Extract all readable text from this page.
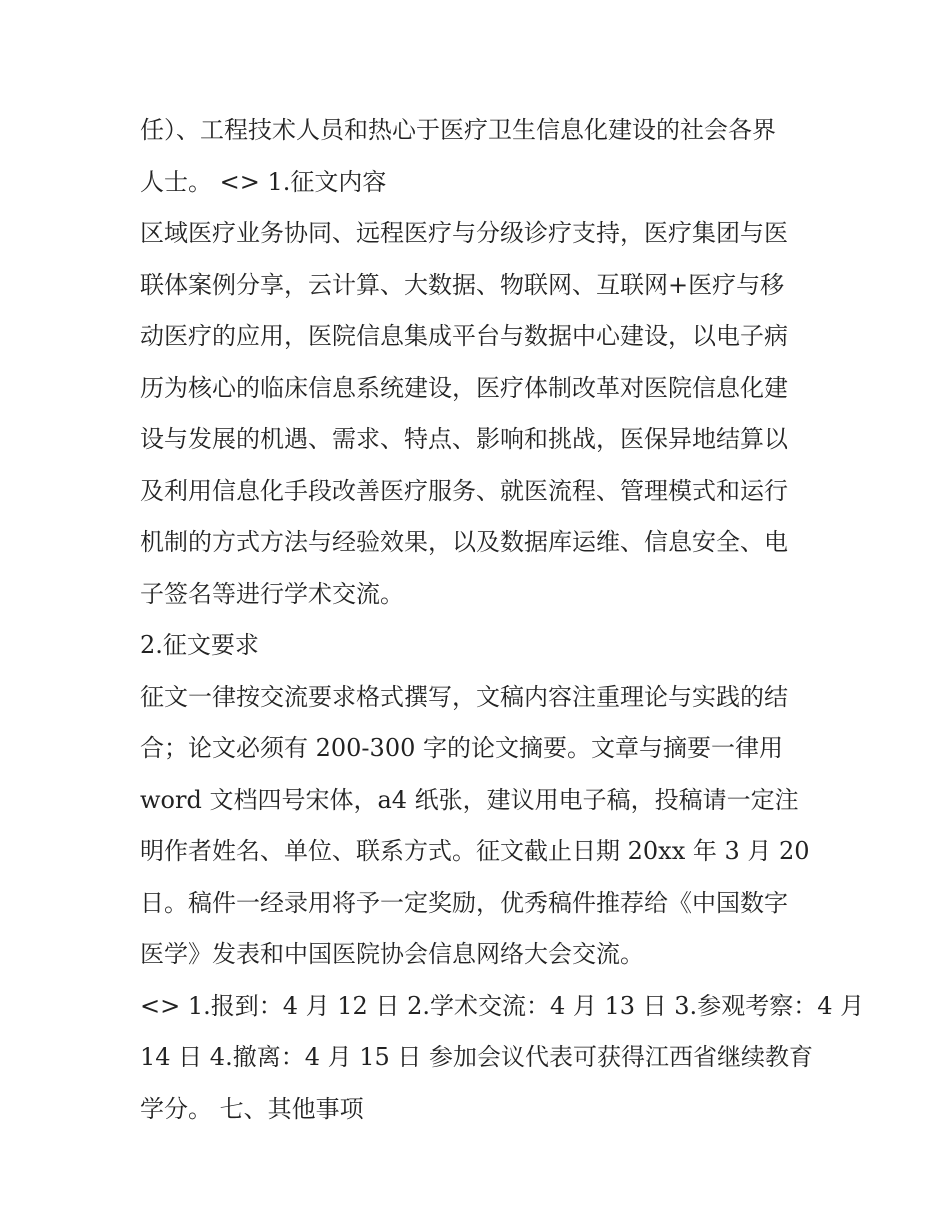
任）、工程技术人员和热心于医疗卫生信息化建设的社会各界
人士。 <> 1.征文内容
区域医疗业务协同、远程医疗与分级诊疗支持，医疗集团与医
联体案例分享，云计算、大数据、物联网、互联网+医疗与移
动医疗的应用，医院信息集成平台与数据中心建设，以电子病
历为核心的临床信息系统建设，医疗体制改革对医院信息化建
设与发展的机遇、需求、特点、影响和挑战，医保异地结算以
及利用信息化手段改善医疗服务、就医流程、管理模式和运行
机制的方式方法与经验效果，以及数据库运维、信息安全、电
子签名等进行学术交流。
2.征文要求
征文一律按交流要求格式撰写，文稿内容注重理论与实践的结
合；论文必须有 200-300 字的论文摘要。文章与摘要一律用
word 文档四号宋体，a4 纸张，建议用电子稿，投稿请一定注
明作者姓名、单位、联系方式。征文截止日期 20xx 年 3 月 20
日。稿件一经录用将予一定奖励，优秀稿件推荐给《中国数字
医学》发表和中国医院协会信息网络大会交流。
<> 1.报到：4 月 12 日 2.学术交流：4 月 13 日 3.参观考察：4 月
14 日 4.撤离：4 月 15 日 参加会议代表可获得江西省继续教育
学分。 七、其他事项
